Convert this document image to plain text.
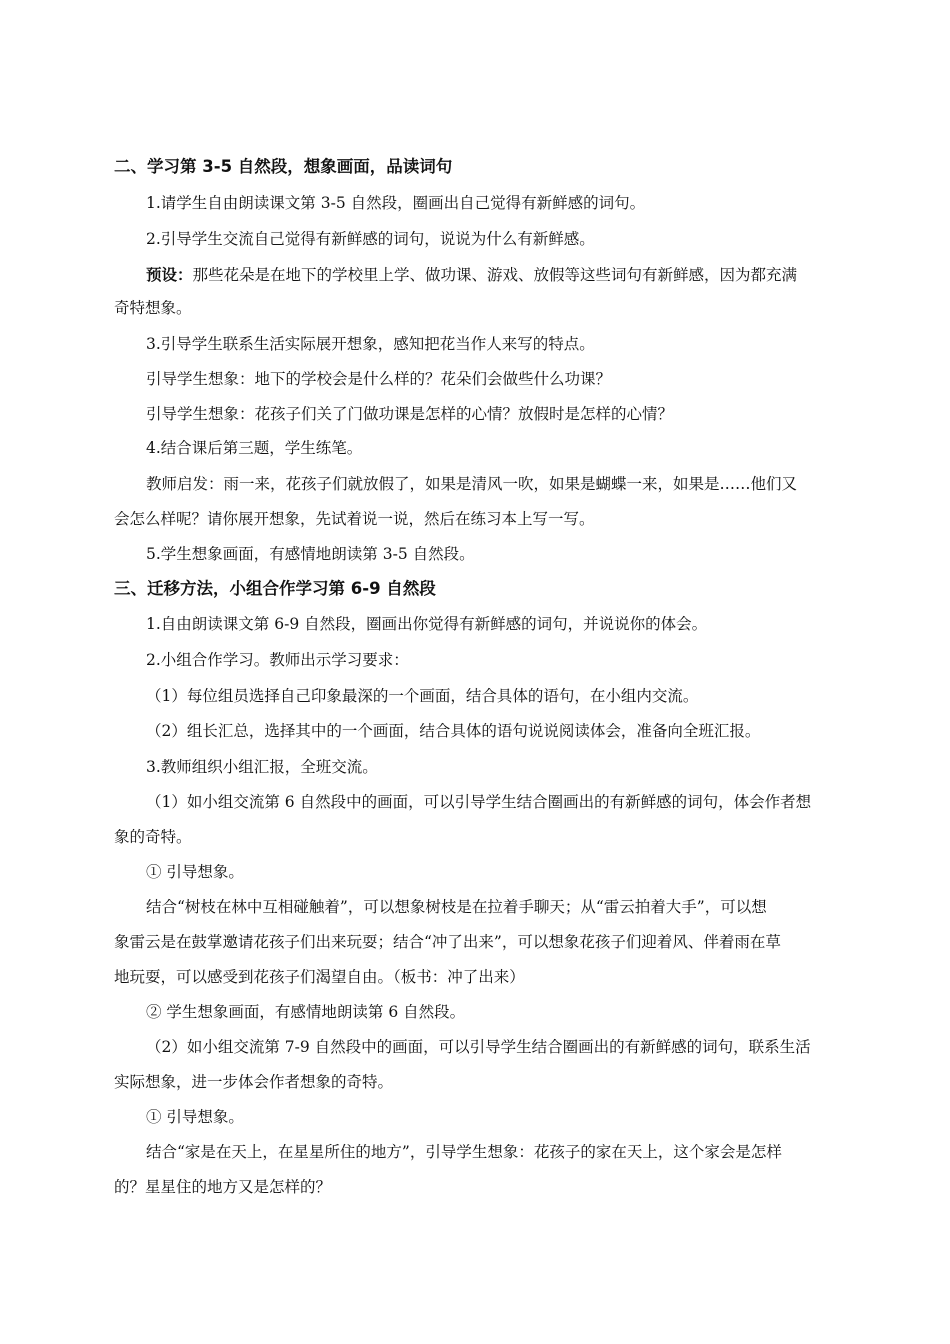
二、学习第 3-5 自然段，想象画面，品读词句
1.请学生自由朗读课文第 3-5 自然段，圈画出自己觉得有新鲜感的词句。
2.引导学生交流自己觉得有新鲜感的词句，说说为什么有新鲜感。
预设：那些花朵是在地下的学校里上学、做功课、游戏、放假等这些词句有新鲜感，因为都充满
奇特想象。
3.引导学生联系生活实际展开想象，感知把花当作人来写的特点。
引导学生想象：地下的学校会是什么样的？花朵们会做些什么功课？
引导学生想象：花孩子们关了门做功课是怎样的心情？放假时是怎样的心情？
4.结合课后第三题，学生练笔。
教师启发：雨一来，花孩子们就放假了，如果是清风一吹，如果是蝴蝶一来，如果是……他们又
会怎么样呢？请你展开想象，先试着说一说，然后在练习本上写一写。
5.学生想象画面，有感情地朗读第 3-5 自然段。
三、迁移方法，小组合作学习第 6-9 自然段
1.自由朗读课文第 6-9 自然段，圈画出你觉得有新鲜感的词句，并说说你的体会。
2.小组合作学习。教师出示学习要求：
（1）每位组员选择自己印象最深的一个画面，结合具体的语句，在小组内交流。
（2）组长汇总，选择其中的一个画面，结合具体的语句说说阅读体会，准备向全班汇报。
3.教师组织小组汇报，全班交流。
（1）如小组交流第 6 自然段中的画面，可以引导学生结合圈画出的有新鲜感的词句，体会作者想
象的奇特。
① 引导想象。
结合“树枝在林中互相碰触着”，可以想象树枝是在拉着手聊天；从“雷云拍着大手”，可以想
象雷云是在鼓掌邀请花孩子们出来玩耍；结合“冲了出来”，可以想象花孩子们迎着风、伴着雨在草
地玩耍，可以感受到花孩子们渴望自由。（板书：冲了出来）
② 学生想象画面，有感情地朗读第 6 自然段。
（2）如小组交流第 7-9 自然段中的画面，可以引导学生结合圈画出的有新鲜感的词句，联系生活
实际想象，进一步体会作者想象的奇特。
① 引导想象。
结合“家是在天上，在星星所住的地方”，引导学生想象：花孩子的家在天上，这个家会是怎样
的？星星住的地方又是怎样的？
